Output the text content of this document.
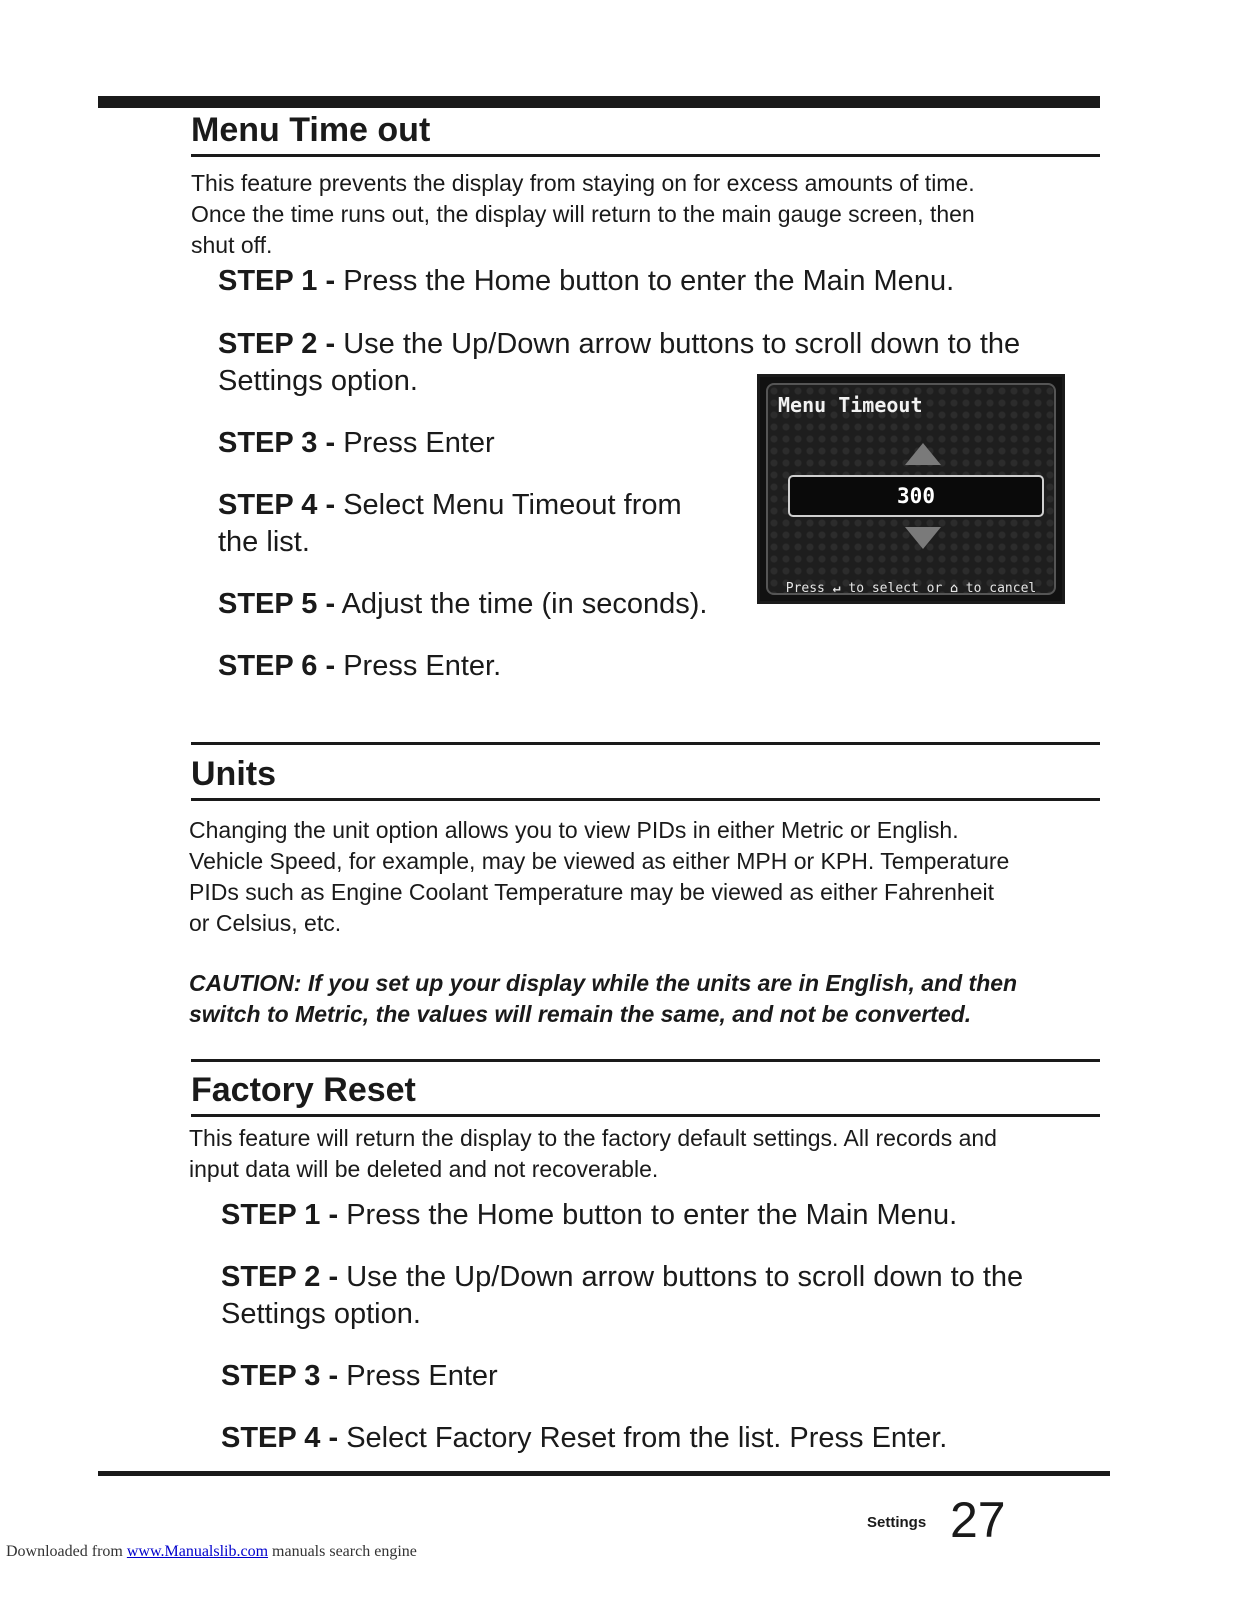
Menu Time out
This feature prevents the display from staying on for excess amounts of time.
Once the time runs out, the display will return to the main gauge screen, then
shut off.
STEP 1 - Press the Home button to enter the Main Menu.
STEP 2 - Use the Up/Down arrow buttons to scroll down to the
Settings option.
STEP 3 - Press Enter
STEP 4 - Select Menu Timeout from
the list.
STEP 5 - Adjust the time (in seconds).
STEP 6 - Press Enter.
Menu Timeout
300
Press ↵ to select or ⌂ to cancel
Units
Changing the unit option allows you to view PIDs in either Metric or English.
Vehicle Speed, for example, may be viewed as either MPH or KPH. Temperature
PIDs such as Engine Coolant Temperature may be viewed as either Fahrenheit
or Celsius, etc.
CAUTION: If you set up your display while the units are in English, and then
switch to Metric, the values will remain the same, and not be converted.
Factory Reset
This feature will return the display to the factory default settings. All records and
input data will be deleted and not recoverable.
STEP 1 - Press the Home button to enter the Main Menu.
STEP 2 - Use the Up/Down arrow buttons to scroll down to the
Settings option.
STEP 3 - Press Enter
STEP 4 - Select Factory Reset from the list. Press Enter.
Settings 27
Downloaded from www.Manualslib.com manuals search engine
